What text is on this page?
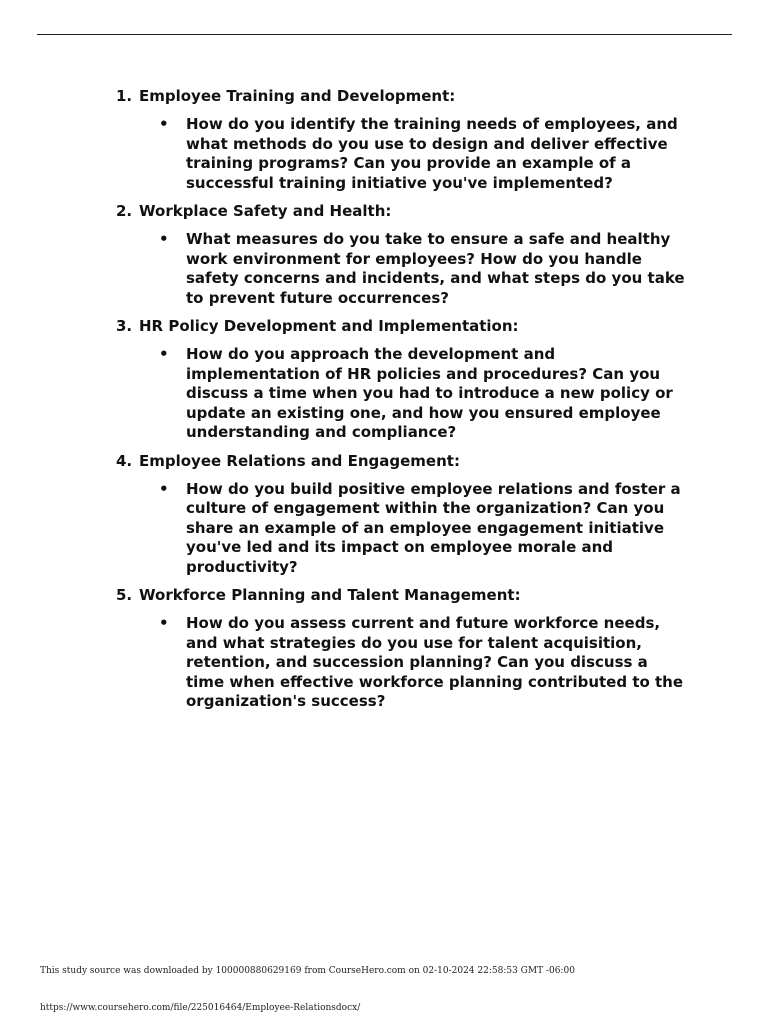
1. Employee Training and Development:

• How do you identify the training needs of employees, and what methods do you use to design and deliver effective training programs? Can you provide an example of a successful training initiative you've implemented?

2. Workplace Safety and Health:

• What measures do you take to ensure a safe and healthy work environment for employees? How do you handle safety concerns and incidents, and what steps do you take to prevent future occurrences?

3. HR Policy Development and Implementation:

• How do you approach the development and implementation of HR policies and procedures? Can you discuss a time when you had to introduce a new policy or update an existing one, and how you ensured employee understanding and compliance?

4. Employee Relations and Engagement:

• How do you build positive employee relations and foster a culture of engagement within the organization? Can you share an example of an employee engagement initiative you've led and its impact on employee morale and productivity?

5. Workforce Planning and Talent Management:

• How do you assess current and future workforce needs, and what strategies do you use for talent acquisition, retention, and succession planning? Can you discuss a time when effective workforce planning contributed to the organization's success?
This study source was downloaded by 100000880629169 from CourseHero.com on 02-10-2024 22:58:53 GMT -06:00
https://www.coursehero.com/file/225016464/Employee-Relationsdocx/
